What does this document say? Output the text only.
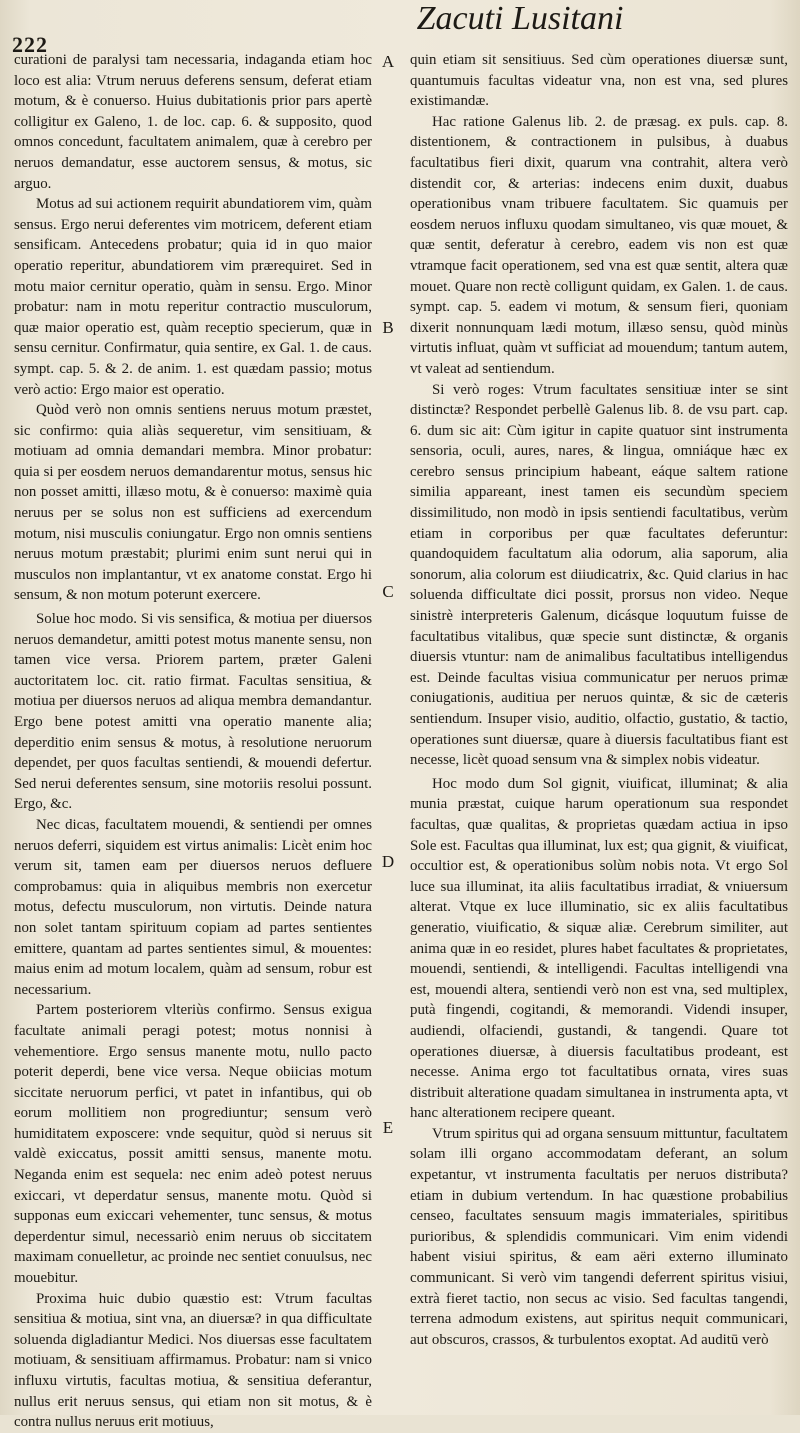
222
Zacuti Lusitani

curationi de paralysi tam necessaria, indaganda etiam hoc loco est alia: Vtrum neruus deferens sensum, deferat etiam motum, & è conuerso. Huius dubitationis prior pars apertè colligitur ex Galeno, 1. de loc. cap. 6. & supposito, quod omnos concedunt, facultatem animalem, quæ à cerebro per neruos demandatur, esse auctorem sensus, & motus, sic arguo.

Motus ad sui actionem requirit abundatiorem vim, quàm sensus. Ergo nerui deferentes vim motricem, deferent etiam sensificam. Antecedens probatur; quia id in quo maior operatio reperitur, abundatiorem vim prærequiret. Sed in motu maior cernitur operatio, quàm in sensu. Ergo. Minor probatur: nam in motu reperitur contractio musculorum, quæ maior operatio est, quàm receptio specierum, quæ in sensu cernitur. Confirmatur, quia sentire, ex Gal. 1. de caus. sympt. cap. 5. & 2. de anim. 1. est quædam passio; motus verò actio: Ergo maior est operatio.

Quòd verò non omnis sentiens neruus motum præstet, sic confirmo: quia aliàs sequeretur, vim sensitiuam, & motiuam ad omnia demandari membra. Minor probatur: quia si per eosdem neruos demandarentur motus, sensus hic non posset amitti, illæso motu, & è conuerso: maximè quia neruus per se solus non est sufficiens ad exercendum motum, nisi musculis coniungatur. Ergo non omnis sentiens neruus motum præstabit; plurimi enim sunt nerui qui in musculos non implantantur, vt ex anatome constat. Ergo hi sensum, & non motum poterunt exercere.

Solue hoc modo. Si vis sensifica, & motiua per diuersos neruos demandetur, amitti potest motus manente sensu, non tamen vice versa. Priorem partem, præter Galeni auctoritatem loc. cit. ratio firmat. Facultas sensitiua, & motiua per diuersos neruos ad aliqua membra demandantur. Ergo bene potest amitti vna operatio manente alia; deperditio enim sensus & motus, à resolutione neruorum dependet, per quos facultas sentiendi, & mouendi defertur. Sed nerui deferentes sensum, sine motoriis resolui possunt. Ergo, &c.

Nec dicas, facultatem mouendi, & sentiendi per omnes neruos deferri, siquidem est virtus animalis: Licèt enim hoc verum sit, tamen eam per diuersos neruos defluere comprobamus: quia in aliquibus membris non exercetur motus, defectu musculorum, non virtutis. Deinde natura non solet tantam spirituum copiam ad partes sentientes emittere, quantam ad partes sentientes simul, & mouentes: maius enim ad motum localem, quàm ad sensum, robur est necessarium.

Partem posteriorem vlteriùs confirmo. Sensus exigua facultate animali peragi potest; motus nonnisi à vehementiore. Ergo sensus manente motu, nullo pacto poterit deperdi, bene vice versa. Neque obiicias motum siccitate neruorum perfici, vt patet in infantibus, qui ob eorum mollitiem non progrediuntur; sensum verò humiditatem exposcere: vnde sequitur, quòd si neruus sit valdè exiccatus, possit amitti sensus, manente motu. Neganda enim est sequela: nec enim adeò potest neruus exiccari, vt deperdatur sensus, manente motu. Quòd si supponas eum exiccari vehementer, tunc sensus, & motus deperdentur simul, necessariò enim neruus ob siccitatem maximam conuelletur, ac proinde nec sentiet conuulsus, nec mouebitur.

Proxima huic dubio quæstio est: Vtrum facultas sensitiua & motiua, sint vna, an diuersæ? in qua difficultate soluenda digladiantur Medici. Nos diuersas esse facultatem motiuam, & sensitiuam affirmamus. Probatur: nam si vnico influxu virtutis, facultas motiua, & sensitiua deferantur, nullus erit neruus sensus, qui etiam non sit motus, & è contra nullus neruus erit motiuus,

A
B
C
D
E

quin etiam sit sensitiuus. Sed cùm operationes diuersæ sunt, quantumuis facultas videatur vna, non est vna, sed plures existimandæ.

Hac ratione Galenus lib. 2. de præsag. ex puls. cap. 8. distentionem, & contractionem in pulsibus, à duabus facultatibus fieri dixit, quarum vna contrahit, altera verò distendit cor, & arterias: indecens enim duxit, duabus operationibus vnam tribuere facultatem. Sic quamuis per eosdem neruos influxu quodam simultaneo, vis quæ mouet, & quæ sentit, deferatur à cerebro, eadem vis non est quæ vtramque facit operationem, sed vna est quæ sentit, altera quæ mouet. Quare non rectè colligunt quidam, ex Galen. 1. de caus. sympt. cap. 5. eadem vi motum, & sensum fieri, quoniam dixerit nonnunquam lædi motum, illæso sensu, quòd minùs virtutis influat, quàm vt sufficiat ad mouendum; tantum autem, vt valeat ad sentiendum.

Si verò roges: Vtrum facultates sensitiuæ inter se sint distinctæ? Respondet perbellè Galenus lib. 8. de vsu part. cap. 6. dum sic ait: Cùm igitur in capite quatuor sint instrumenta sensoria, oculi, aures, nares, & lingua, omniáque hæc ex cerebro sensus principium habeant, eáque saltem ratione similia appareant, inest tamen eis secundùm speciem dissimilitudo, non modò in ipsis sentiendi facultatibus, verùm etiam in corporibus per quæ facultates deferuntur: quandoquidem facultatum alia odorum, alia saporum, alia sonorum, alia colorum est diiudicatrix, &c. Quid clarius in hac soluenda difficultate dici possit, prorsus non video. Neque sinistrè interpreteris Galenum, dicásque loquutum fuisse de facultatibus vitalibus, quæ specie sunt distinctæ, & organis diuersis vtuntur: nam de animalibus facultatibus intelligendus est. Deinde facultas visiua communicatur per neruos primæ coniugationis, auditiua per neruos quintæ, & sic de cæteris sentiendum. Insuper visio, auditio, olfactio, gustatio, & tactio, operationes sunt diuersæ, quare à diuersis facultatibus fiant est necesse, licèt quoad sensum vna & simplex nobis videatur.

Hoc modo dum Sol gignit, viuificat, illuminat; & alia munia præstat, cuique harum operationum sua respondet facultas, quæ qualitas, & proprietas quædam actiua in ipso Sole est. Facultas qua illuminat, lux est; qua gignit, & viuificat, occultior est, & operationibus solùm nobis nota. Vt ergo Sol luce sua illuminat, ita aliis facultatibus irradiat, & vniuersum alterat. Vtque ex luce illuminatio, sic ex aliis facultatibus generatio, viuificatio, & siquæ aliæ. Cerebrum similiter, aut anima quæ in eo residet, plures habet facultates & proprietates, mouendi, sentiendi, & intelligendi. Facultas intelligendi vna est, mouendi altera, sentiendi verò non est vna, sed multiplex, putà fingendi, cogitandi, & memorandi. Videndi insuper, audiendi, olfaciendi, gustandi, & tangendi. Quare tot operationes diuersæ, à diuersis facultatibus prodeant, est necesse. Anima ergo tot facultatibus ornata, vires suas distribuit alteratione quadam simultanea in instrumenta apta, vt hanc alterationem recipere queant.

Vtrum spiritus qui ad organa sensuum mittuntur, facultatem solam illi organo accommodatam deferant, an solum expetantur, vt instrumenta facultatis per neruos distributa? etiam in dubium vertendum. In hac quæstione probabilius censeo, facultates sensuum magis immateriales, spiritibus purioribus, & splendidis communicari. Vim enim videndi habent visiui spiritus, & eam aëri externo illuminato communicant. Si verò vim tangendi deferrent spiritus visiui, extrà fieret tactio, non secus ac visio. Sed facultas tangendi, terrena admodum existens, aut spiritus nequit communicari, aut obscuros, crassos, & turbulentos exoptat. Ad auditū verò
